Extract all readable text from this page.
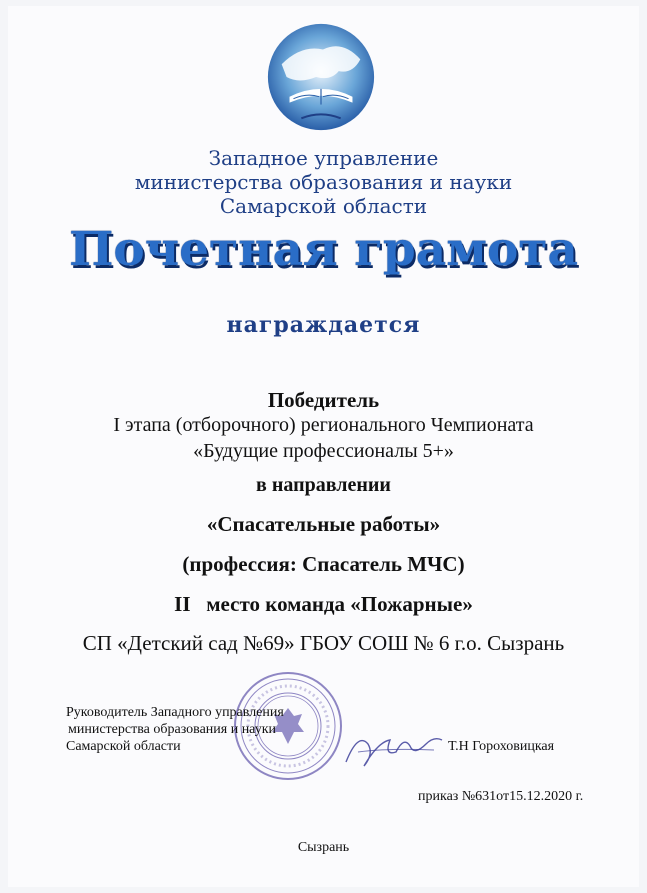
Западное управление
министерства образования и науки
Самарской области
Почетная грамота
награждается
Победитель
I этапа (отборочного) регионального Чемпионата
«Будущие профессионалы 5+»
в направлении
«Спасательные работы»
(профессия: Спасатель МЧС)
II   место команда «Пожарные»
СП «Детский сад №69» ГБОУ СОШ № 6 г.о. Сызрань
Руководитель Западного управления
министерства образования и науки
Самарской области	Т.Н Гороховицкая
приказ №631от15.12.2020 г.
Сызрань
